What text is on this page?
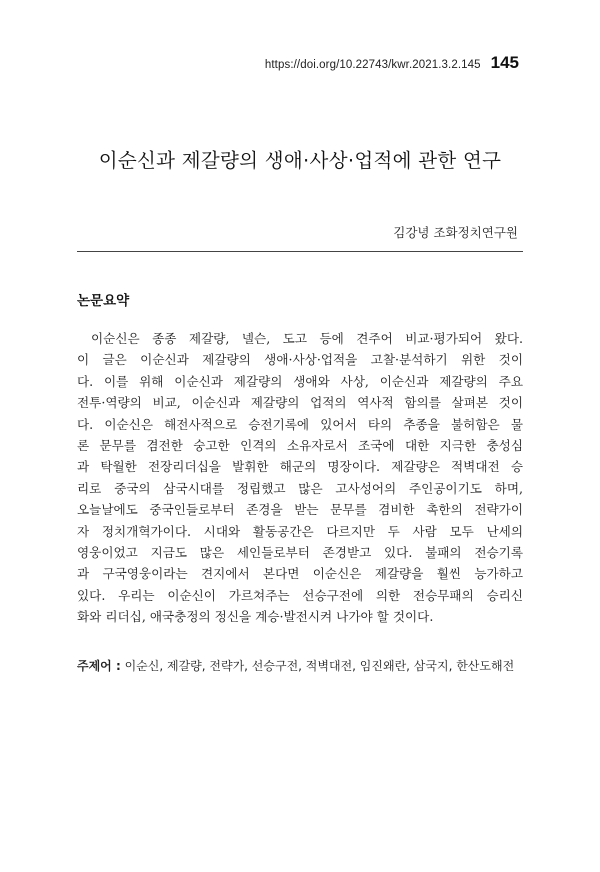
https://doi.org/10.22743/kwr.2021.3.2.145 145
이순신과 제갈량의 생애·사상·업적에 관한 연구
김강녕 조화정치연구원
논문요약

이순신은 종종 제갈량, 넬슨, 도고 등에 견주어 비교·평가되어 왔다.
이 글은 이순신과 제갈량의 생애·사상·업적을 고찰·분석하기 위한 것이
다. 이를 위해 이순신과 제갈량의 생애와 사상, 이순신과 제갈량의 주요
전투·역량의 비교, 이순신과 제갈량의 업적의 역사적 함의를 살펴본 것이
다. 이순신은 해전사적으로 승전기록에 있어서 타의 추종을 불허함은 물
론 문무를 겸전한 숭고한 인격의 소유자로서 조국에 대한 지극한 충성심
과 탁월한 전장리더십을 발휘한 해군의 명장이다. 제갈량은 적벽대전 승
리로 중국의 삼국시대를 정립했고 많은 고사성어의 주인공이기도 하며,
오늘날에도 중국인들로부터 존경을 받는 문무를 겸비한 촉한의 전략가이
자 정치개혁가이다. 시대와 활동공간은 다르지만 두 사람 모두 난세의
영웅이었고 지금도 많은 세인들로부터 존경받고 있다. 불패의 전승기록
과 구국영웅이라는 견지에서 본다면 이순신은 제갈량을 훨씬 능가하고
있다. 우리는 이순신이 가르쳐주는 선승구전에 의한 전승무패의 승리신
화와 리더십, 애국충정의 정신을 계승·발전시켜 나가야 할 것이다.

주제어 : 이순신, 제갈량, 전략가, 선승구전, 적벽대전, 임진왜란, 삼국지, 한산도해전
